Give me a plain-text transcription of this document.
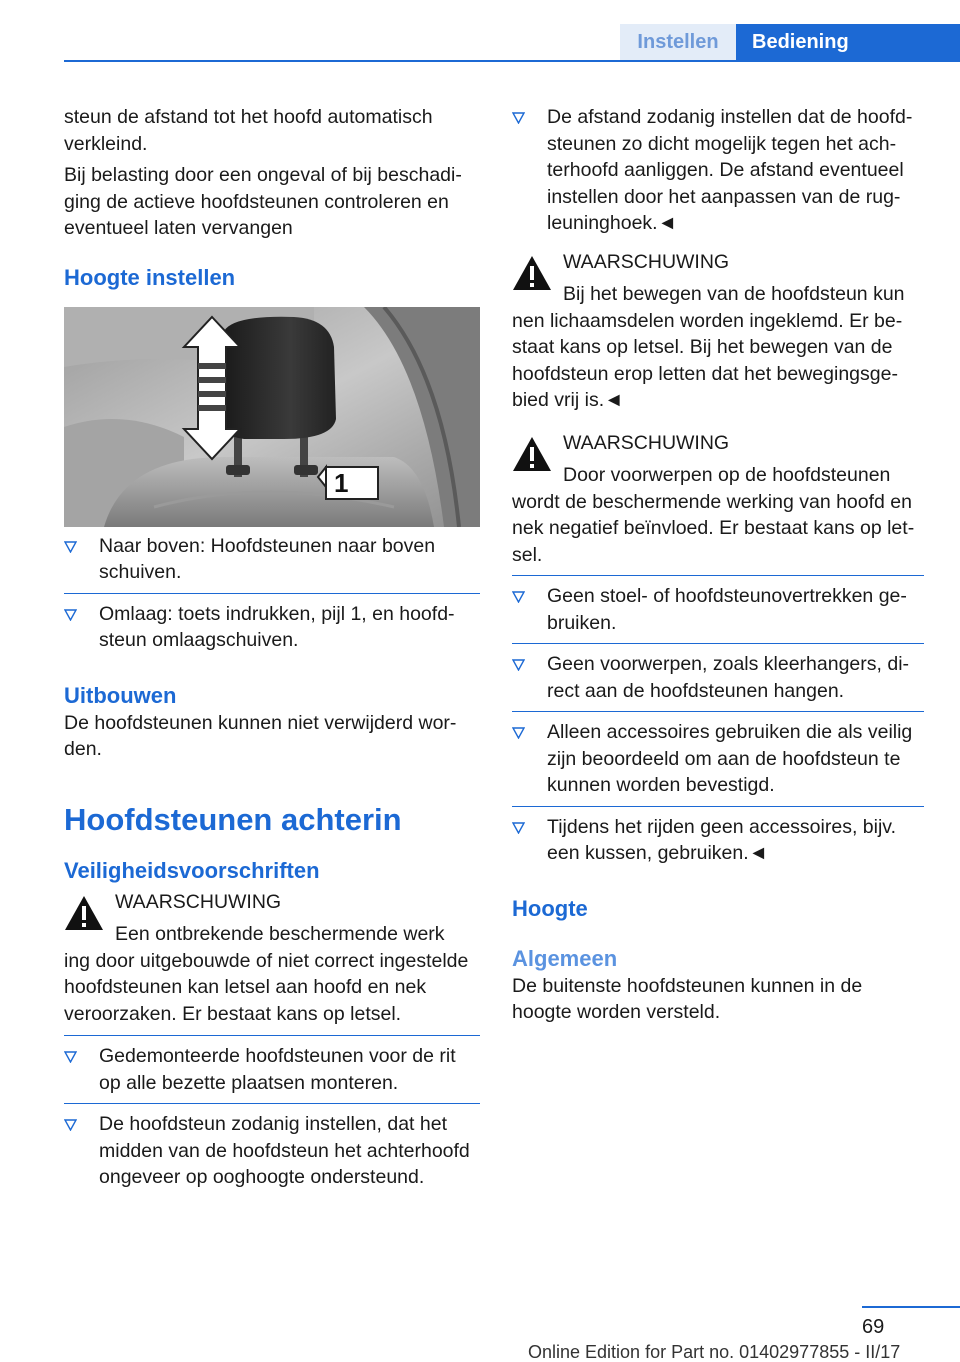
Instellen Bediening

steun de afstand tot het hoofd automatisch verkleind.

Bij belasting door een ongeval of bij beschadiging de actieve hoofdsteunen controleren en eventueel laten vervangen

Hoogte instellen
1
Naar boven: Hoofdsteunen naar boven schuiven.
Omlaag: toets indrukken, pijl 1, en hoofdsteun omlaagschuiven.
Uitbouwen

De hoofdsteunen kunnen niet verwijderd worden.

Hoofdsteunen achterin
Veiligheidsvoorschriften
WAARSCHUWING
Een ontbrekende beschermende werk
ing door uitgebouwde of niet correct ingestelde hoofdsteunen kan letsel aan hoofd en nek veroorzaken. Er bestaat kans op letsel.
Gedemonteerde hoofdsteunen voor de rit op alle bezette plaatsen monteren.
De hoofdsteun zodanig instellen, dat het midden van de hoofdsteun het achterhoofd ongeveer op ooghoogte ondersteund.
De afstand zodanig instellen dat de hoofdsteunen zo dicht mogelijk tegen het achterhoofd aanliggen. De afstand eventueel instellen door het aanpassen van de rugleuninghoek.◄
WAARSCHUWING
Bij het bewegen van de hoofdsteun kun
nen lichaamsdelen worden ingeklemd. Er bestaat kans op letsel. Bij het bewegen van de hoofdsteun erop letten dat het bewegingsgebied vrij is.◄
WAARSCHUWING
Door voorwerpen op de hoofdsteunen
wordt de beschermende werking van hoofd en nek negatief beïnvloed. Er bestaat kans op letsel.
Geen stoel- of hoofdsteunovertrekken gebruiken.
Geen voorwerpen, zoals kleerhangers, direct aan de hoofdsteunen hangen.
Alleen accessoires gebruiken die als veilig zijn beoordeeld om aan de hoofdsteun te kunnen worden bevestigd.
Tijdens het rijden geen accessoires, bijv. een kussen, gebruiken.◄
Hoogte
Algemeen

De buitenste hoofdsteunen kunnen in de hoogte worden versteld.

69
Online Edition for Part no. 01402977855 - II/17
